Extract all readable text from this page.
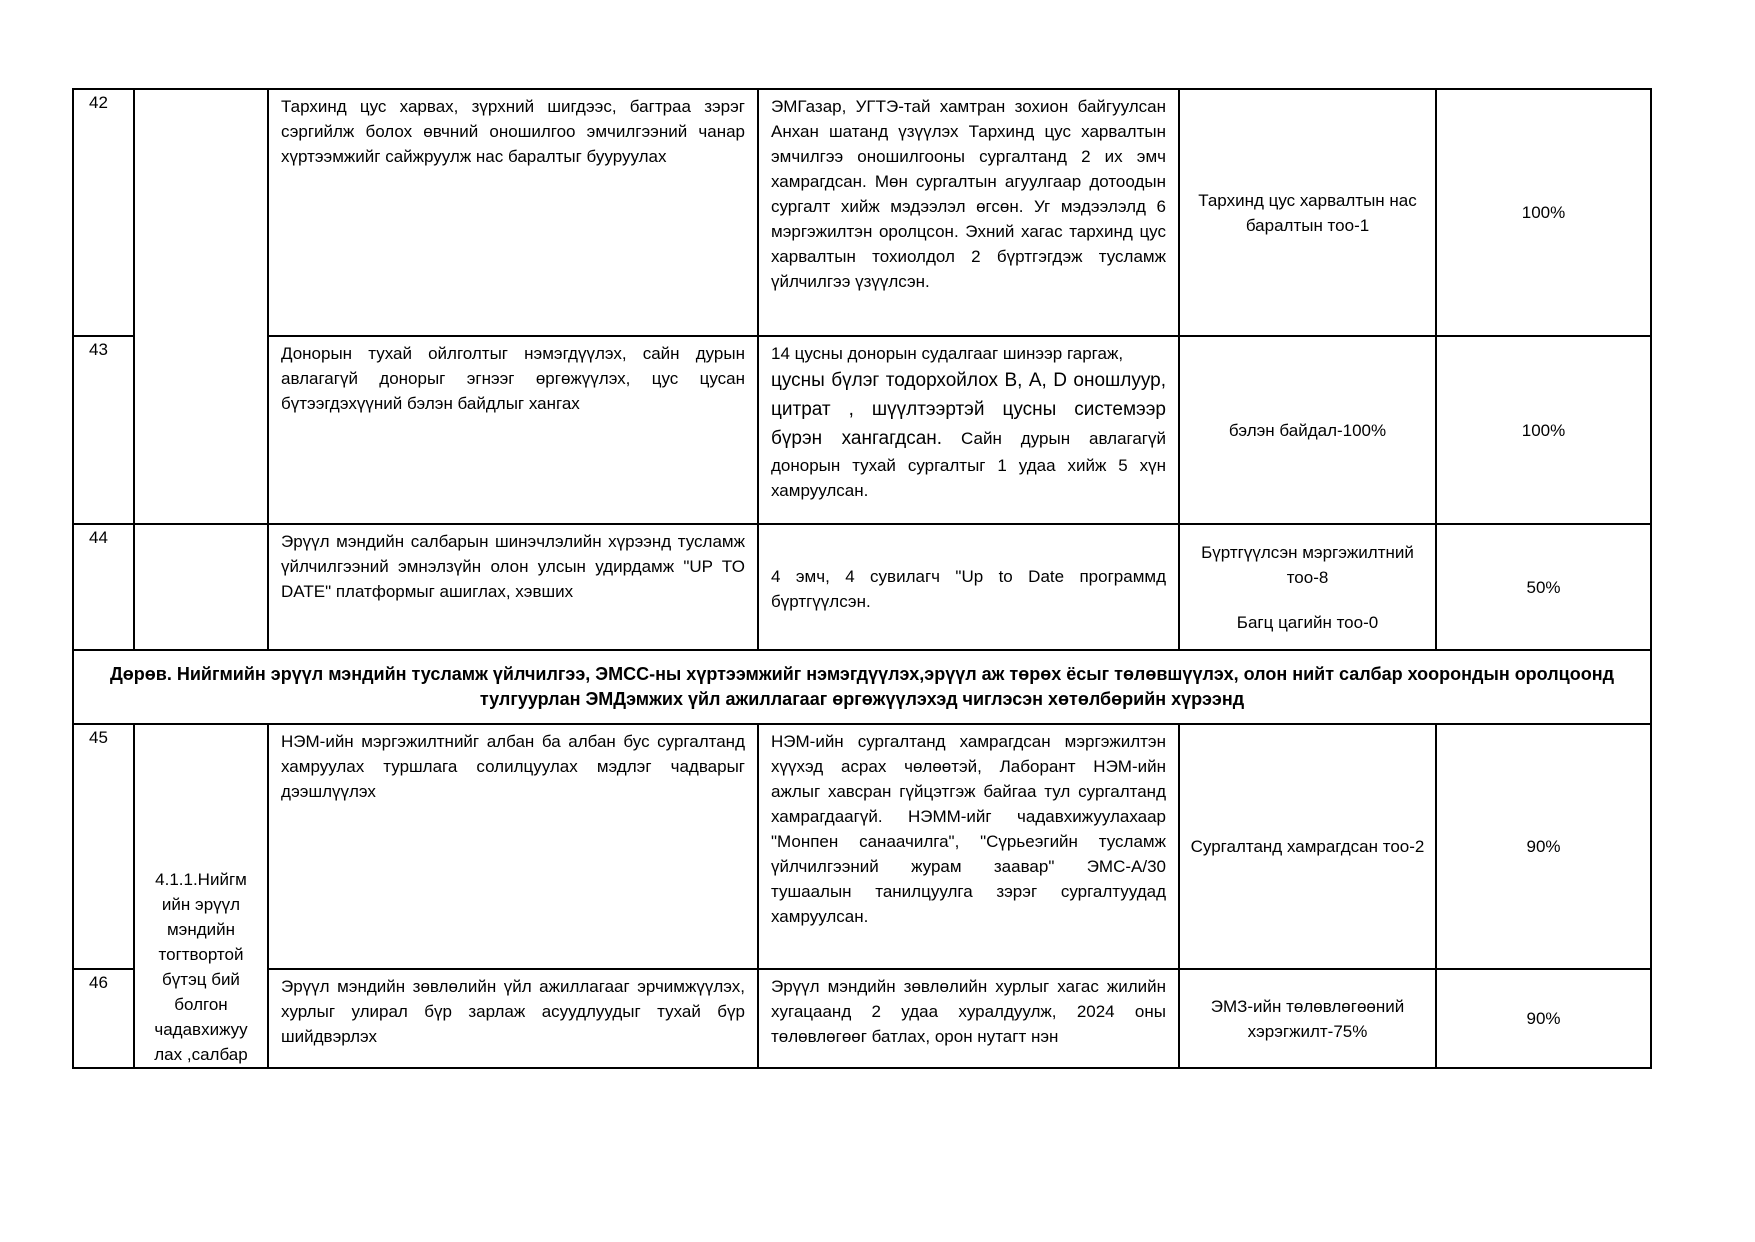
42		Тархинд цус харвах, зүрхний шигдээс, багтраа зэрэг сэргийлж болох өвчний оношилгоо эмчилгээний чанар хүртээмжийг сайжруулж нас баралтыг бууруулах	ЭМГазар, УГТЭ-тай хамтран зохион байгуулсан Анхан шатанд үзүүлэх Тархинд цус харвалтын эмчилгээ оношилгооны сургалтанд 2 их эмч хамрагдсан. Мөн сургалтын агуулгаар дотоодын сургалт хийж мэдээлэл өгсөн. Уг мэдээлэлд 6 мэргэжилтэн оролцсон. Эхний хагас тархинд цус харвалтын тохиолдол 2 бүртгэгдэж тусламж үйлчилгээ үзүүлсэн.	Тархинд цус харвалтын нас баралтын тоо-1	100%

43		Донорын тухай ойлголтыг нэмэгдүүлэх, сайн дурын авлагагүй донорыг эгнээг өргөжүүлэх, цус цусан бүтээгдэхүүний бэлэн байдлыг хангах	14 цусны донорын судалгааг шинээр гаргаж,
цусны бүлэг тодорхойлох В, А, D оношлуур, цитрат , шүүлтээртэй цусны системээр бүрэн хангагдсан. Сайн дурын авлагагүй донорын тухай сургалтыг 1 удаа хийж 5 хүн хамруулсан.	бэлэн байдал-100%	100%

44		Эрүүл мэндийн салбарын шинэчлэлийн хүрээнд тусламж үйлчилгээний эмнэлзүйн олон улсын удирдамж "UP TO DATE" платформыг ашиглах, хэвших	4 эмч, 4 сувилагч "Up to Date программд бүртгүүлсэн.	Бүртгүүлсэн мэргэжилтний тоо-8
Багц цагийн тоо-0	50%
Дөрөв. Нийгмийн эрүүл мэндийн тусламж үйлчилгээ, ЭМСС-ны хүртээмжийг нэмэгдүүлэх,эрүүл аж төрөх ёсыг төлөвшүүлэх, олон нийт салбар хоорондын оролцоонд тулгуурлан ЭМДэмжих үйл ажиллагааг өргөжүүлэхэд чиглэсэн хөтөлбөрийн хүрээнд					

45	4.1.1.Нийгм ийн эрүүл мэндийн тогтвортой бүтэц бий болгон чадавхижуу лах ,салбар	НЭМ-ийн мэргэжилтнийг албан ба албан бус сургалтанд хамруулах туршлага солилцуулах мэдлэг чадварыг дээшлүүлэх	НЭМ-ийн сургалтанд хамрагдсан мэргэжилтэн хүүхэд асрах чөлөөтэй, Лаборант НЭМ-ийн ажлыг хавсран гүйцэтгэж байгаа тул сургалтанд хамрагдаагүй. НЭММ-ийг чадавхижуулахаар "Монпен санаачилга", "Сүрьеэгийн тусламж үйлчилгээний журам заавар" ЭМС-А/30 тушаалын танилцуулга зэрэг сургалтуудад хамруулсан.	Сургалтанд хамрагдсан тоо-2	90%

46		Эрүүл мэндийн зөвлөлийн үйл ажиллагааг эрчимжүүлэх, хурлыг улирал бүр зарлаж асуудлуудыг тухай бүр шийдвэрлэх	Эрүүл мэндийн зөвлөлийн хурлыг хагас жилийн хугацаанд 2 удаа хуралдуулж, 2024 оны төлөвлөгөөг батлах, орон нутагт нэн	ЭМЗ-ийн төлөвлөгөөний хэрэгжилт-75%	90%
